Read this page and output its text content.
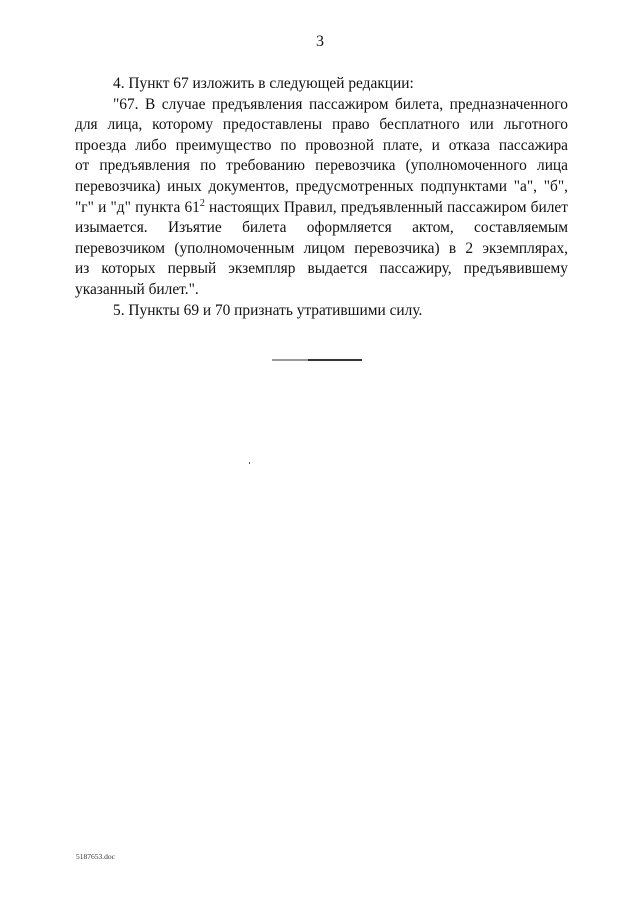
3

4. Пункт 67 изложить в следующей редакции:

"67. В случае предъявления пассажиром билета, предназначенного
для лица, которому предоставлены право бесплатного или льготного
проезда либо преимущество по провозной плате, и отказа пассажира
от предъявления по требованию перевозчика (уполномоченного лица
перевозчика) иных документов, предусмотренных подпунктами "а", "б",
"г" и "д" пункта $61^2$ настоящих Правил, предъявленный пассажиром билет
изымается. Изъятие билета оформляется актом, составляемым
перевозчиком (уполномоченным лицом перевозчика) в 2 экземплярах,
из которых первый экземпляр выдается пассажиру, предъявившему
указанный билет.".

5. Пункты 69 и 70 признать утратившими силу.

5187653.doc
